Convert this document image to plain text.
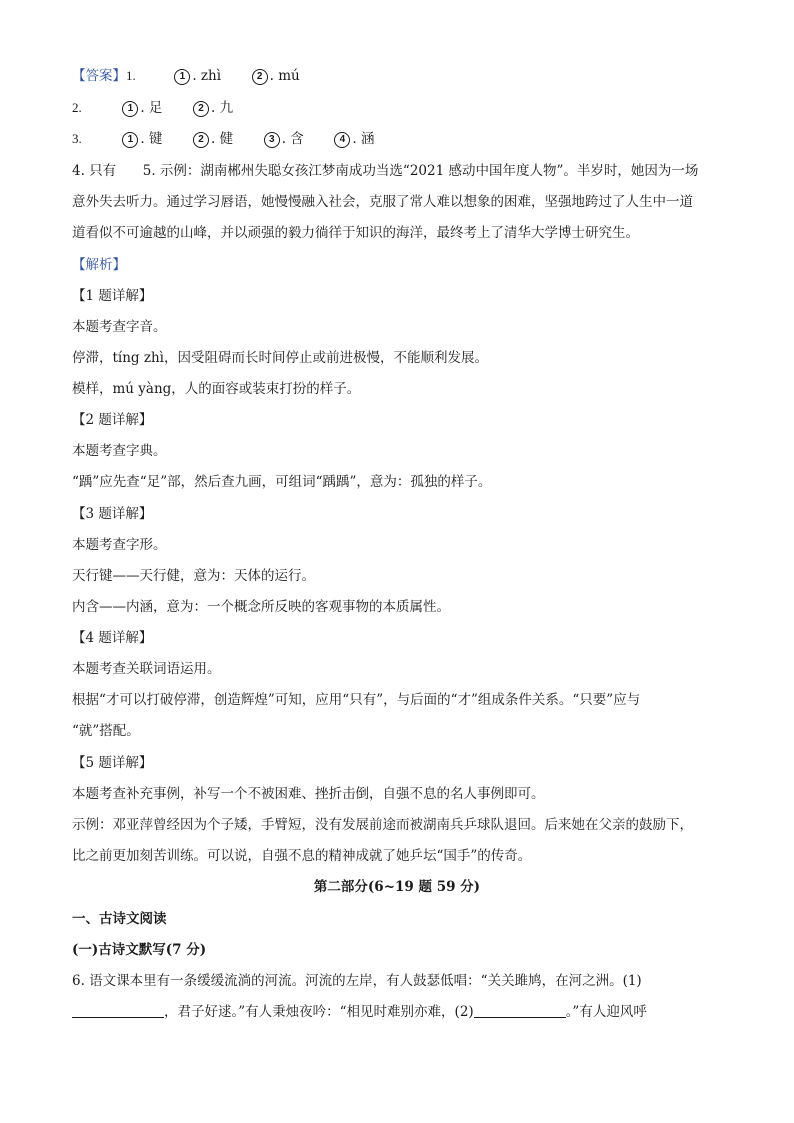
【答案】1.	1 . zhì	2 . mú
2.	1 . 足	2 . 九
3.	1 . 键	2 . 健	3 . 含	4 . 涵
4. 只有 5. 示例：湖南郴州失聪女孩江梦南成功当选“2021 感动中国年度人物”。半岁时，她因为一场
意外失去听力。通过学习唇语，她慢慢融入社会，克服了常人难以想象的困难，坚强地跨过了人生中一道
道看似不可逾越的山峰，并以顽强的毅力徜徉于知识的海洋，最终考上了清华大学博士研究生。
【解析】
【1 题详解】
本题考查字音。
停滞，tíng zhì，因受阻碍而长时间停止或前进极慢，不能顺利发展。
模样，mú yàng，人的面容或装束打扮的样子。
【2 题详解】
本题考查字典。
“踽”应先查“足”部，然后查九画，可组词“踽踽”，意为：孤独的样子。
【3 题详解】
本题考查字形。
天行键——天行健，意为：天体的运行。
内含——内涵，意为：一个概念所反映的客观事物的本质属性。
【4 题详解】
本题考查关联词语运用。
根据“才可以打破停滞，创造辉煌”可知，应用“只有”，与后面的“才”组成条件关系。“只要”应与
“就”搭配。
【5 题详解】
本题考查补充事例，补写一个不被困难、挫折击倒，自强不息的名人事例即可。
示例：邓亚萍曾经因为个子矮，手臂短，没有发展前途而被湖南兵乒球队退回。后来她在父亲的鼓励下，
比之前更加刻苦训练。可以说，自强不息的精神成就了她乒坛“国手”的传奇。
第二部分(6~19 题 59 分)
一、古诗文阅读
(一)古诗文默写(7 分)
6. 语文课本里有一条缓缓流淌的河流。河流的左岸，有人鼓瑟低唱：“关关雎鸠，在河之洲。(1)
，君子好逑。”有人秉烛夜吟：“相见时难别亦难，(2)	。”有人迎风呼
